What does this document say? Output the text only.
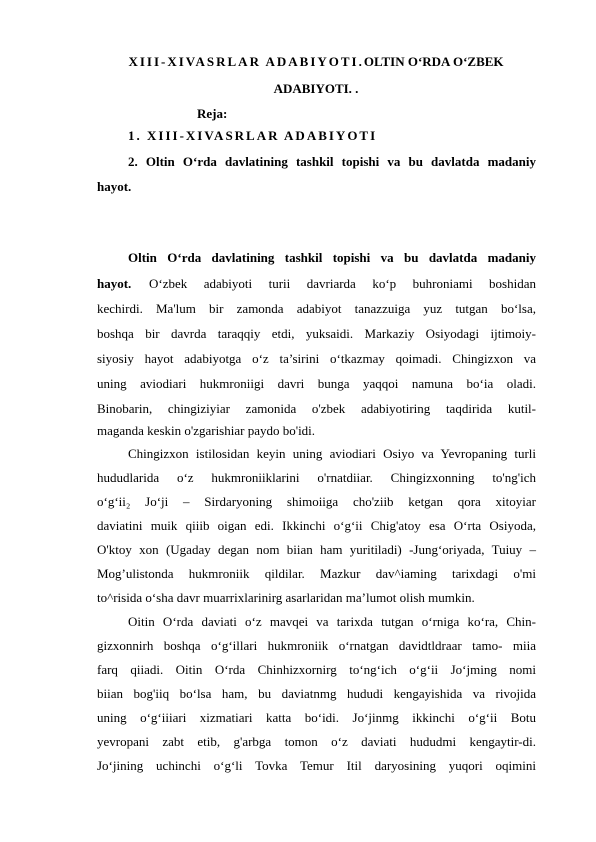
XIII-XIVASRLAR ADABIYOTI.OLTIN O‘RDA O‘ZBEK
ADABIYOTI. .
Reja:
1. XIII-XIVASRLAR ADABIYOTI
2. Oltin O‘rda davlatining tashkil topishi va bu davlatda madaniy
hayot.
Oltin O‘rda davlatining tashkil topishi va bu davlatda madaniy
hayot. O‘zbek adabiyoti turii davriarda ko‘p buhroniami boshidan
kechirdi. Ma'lum bir zamonda adabiyot tanazzuiga yuz tutgan bo‘lsa,
boshqa bir davrda taraqqiy etdi, yuksaidi. Markaziy Osiyodagi ijtimoiy-
siyosiy hayot adabiyotga o‘z ta’sirini o‘tkazmay qoimadi. Chingizxon va
uning aviodiari hukmroniigi davri bunga yaqqoi namuna bo‘ia oladi.
Binobarin, chingiziyiar zamonida o'zbek adabiyotiring taqdirida kutil-
maganda keskin o'zgarishiar paydo bo'idi.
Chingizxon istilosidan keyin uning aviodiari Osiyo va Yevropaning turli
hududlarida o‘z hukmroniiklarini o'rnatdiiar. Chingizxonning to'ng'ich
o‘g‘ii₂ Jo‘ji – Sirdaryoning shimoiiga cho'ziib ketgan qora xitoyiar
daviatini muik qiiib oigan edi. Ikkinchi o‘g‘ii Chig'atoy esa O‘rta Osiyoda,
O'ktoy xon (Ugaday degan nom biian ham yuritiladi) -Jung‘oriyada, Tuiuy –
Mog’ulistonda hukmroniik qildilar. Mazkur dav^iaming tarixdagi o'mi
to^risida o‘sha davr muarrixlarinirg asarlaridan ma’lumot olish mumkin.
Oitin O‘rda daviati o‘z mavqei va tarixda tutgan o‘rniga ko‘ra, Chin-
gizxonnirh boshqa o‘g‘illari hukmroniik o‘rnatgan davidtldraar tamo- miia
farq qiiadi. Oitin O‘rda Chinhizxornirg to‘ng‘ich o‘g‘ii Jo‘jming nomi
biian bog'iiq bo‘lsa ham, bu daviatnmg hududi kengayishida va rivojida
uning o‘g‘iiiari xizmatiari katta bo‘idi. Jo‘jinmg ikkinchi o‘g‘ii Botu
yevropani zabt etib, g'arbga tomon o‘z daviati hududmi kengaytir-di.
Jo‘jining uchinchi o‘g‘li Tovka Temur Itil daryosining yuqori oqimini
